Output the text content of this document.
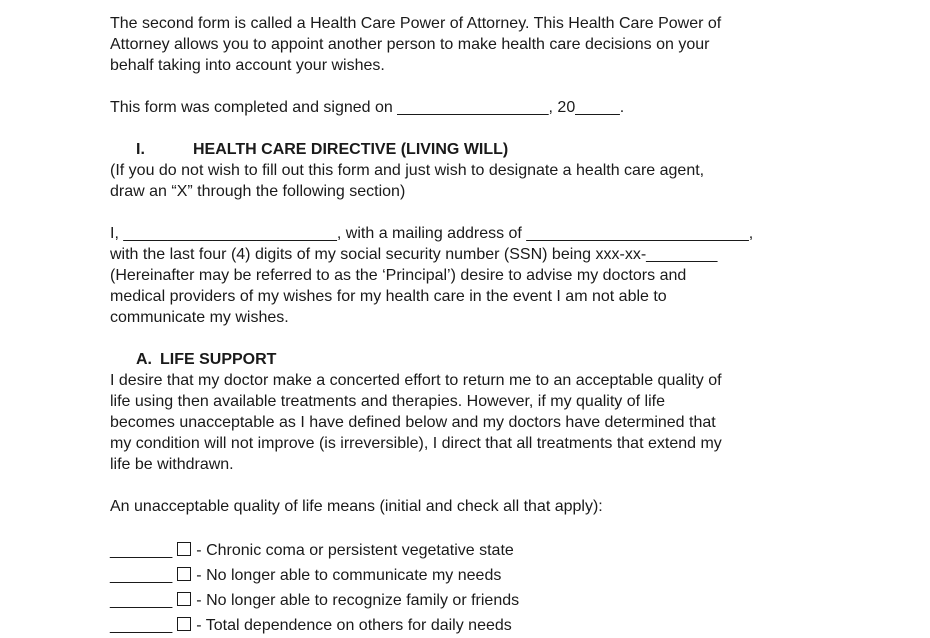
The second form is called a Health Care Power of Attorney. This Health Care Power of
Attorney allows you to appoint another person to make health care decisions on your
behalf taking into account your wishes.
This form was completed and signed on _________________, 20_____.
I.	HEALTH CARE DIRECTIVE (LIVING WILL)
(If you do not wish to fill out this form and just wish to designate a health care agent,
draw an “X” through the following section)
I, ________________________, with a mailing address of _________________________,
with the last four (4) digits of my social security number (SSN) being xxx-xx-________
(Hereinafter may be referred to as the ‘Principal’) desire to advise my doctors and
medical providers of my wishes for my health care in the event I am not able to
communicate my wishes.
A. LIFE SUPPORT
I desire that my doctor make a concerted effort to return me to an acceptable quality of
life using then available treatments and therapies. However, if my quality of life
becomes unacceptable as I have defined below and my doctors have determined that
my condition will not improve (is irreversible), I direct that all treatments that extend my
life be withdrawn.
An unacceptable quality of life means (initial and check all that apply):
_______ - Chronic coma or persistent vegetative state
_______ - No longer able to communicate my needs
_______ - No longer able to recognize family or friends
_______ - Total dependence on others for daily needs
